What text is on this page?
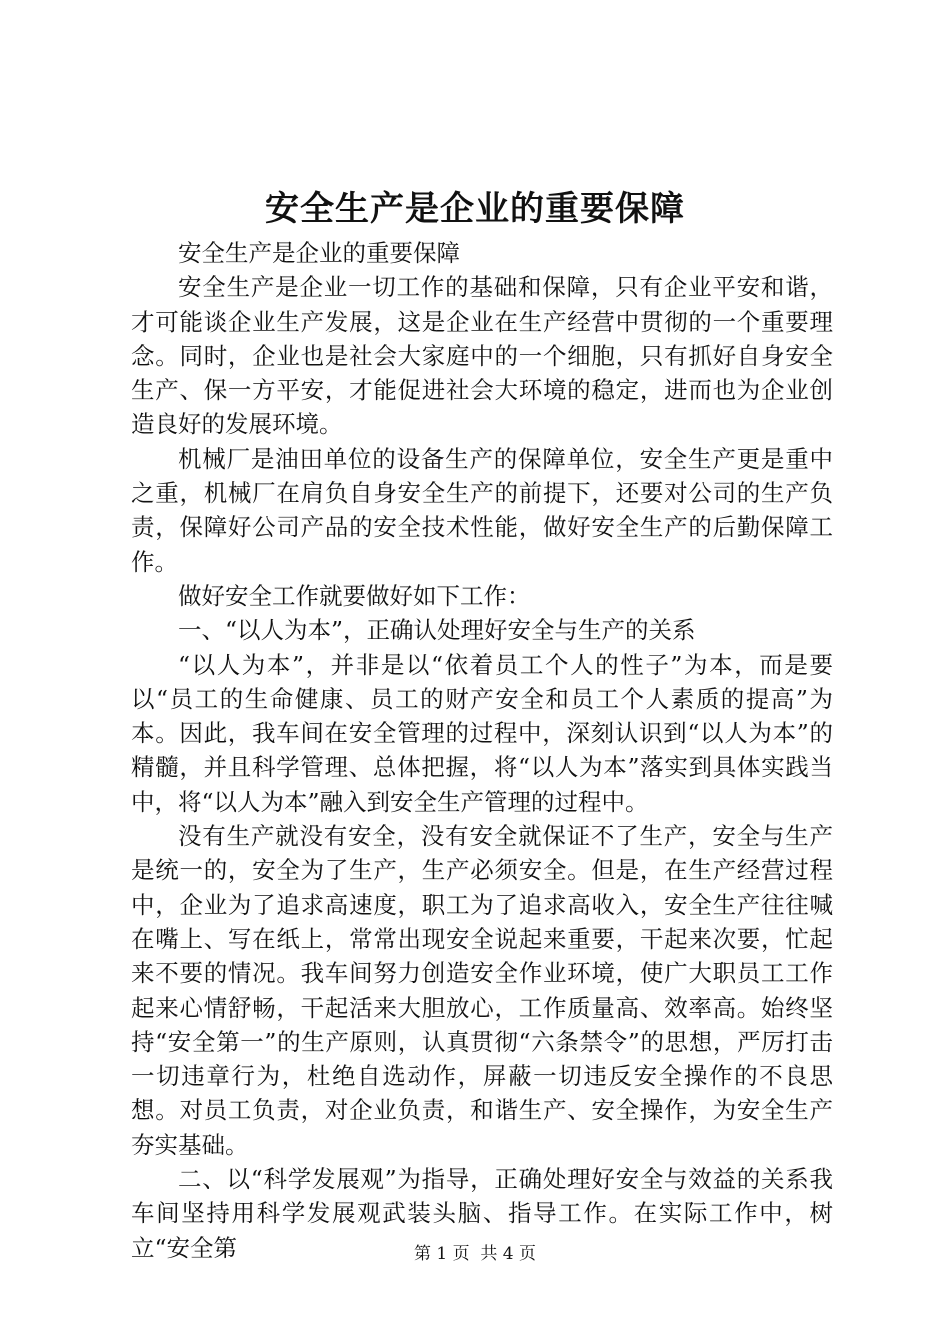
安全生产是企业的重要保障

安全生产是企业的重要保障

安全生产是企业一切工作的基础和保障，只有企业平安和谐，才可能谈企业生产发展，这是企业在生产经营中贯彻的一个重要理念。同时，企业也是社会大家庭中的一个细胞，只有抓好自身安全生产、保一方平安，才能促进社会大环境的稳定，进而也为企业创造良好的发展环境。

机械厂是油田单位的设备生产的保障单位，安全生产更是重中之重，机械厂在肩负自身安全生产的前提下，还要对公司的生产负责，保障好公司产品的安全技术性能，做好安全生产的后勤保障工作。

做好安全工作就要做好如下工作：

一、“以人为本”，正确认处理好安全与生产的关系

“以人为本”，并非是以“依着员工个人的性子”为本，而是要以“员工的生命健康、员工的财产安全和员工个人素质的提高”为本。因此，我车间在安全管理的过程中，深刻认识到“以人为本”的精髓，并且科学管理、总体把握，将“以人为本”落实到具体实践当中，将“以人为本”融入到安全生产管理的过程中。

没有生产就没有安全，没有安全就保证不了生产，安全与生产是统一的，安全为了生产，生产必须安全。但是，在生产经营过程中，企业为了追求高速度，职工为了追求高收入，安全生产往往喊在嘴上、写在纸上，常常出现安全说起来重要，干起来次要，忙起来不要的情况。我车间努力创造安全作业环境，使广大职员工工作起来心情舒畅，干起活来大胆放心，工作质量高、效率高。始终坚持“安全第一”的生产原则，认真贯彻“六条禁令”的思想，严厉打击一切违章行为，杜绝自选动作，屏蔽一切违反安全操作的不良思想。对员工负责，对企业负责，和谐生产、安全操作，为安全生产夯实基础。

二、以“科学发展观”为指导，正确处理好安全与效益的关系我车间坚持用科学发展观武装头脑、指导工作。在实际工作中，树立“安全第	第 1 页  共 4 页
